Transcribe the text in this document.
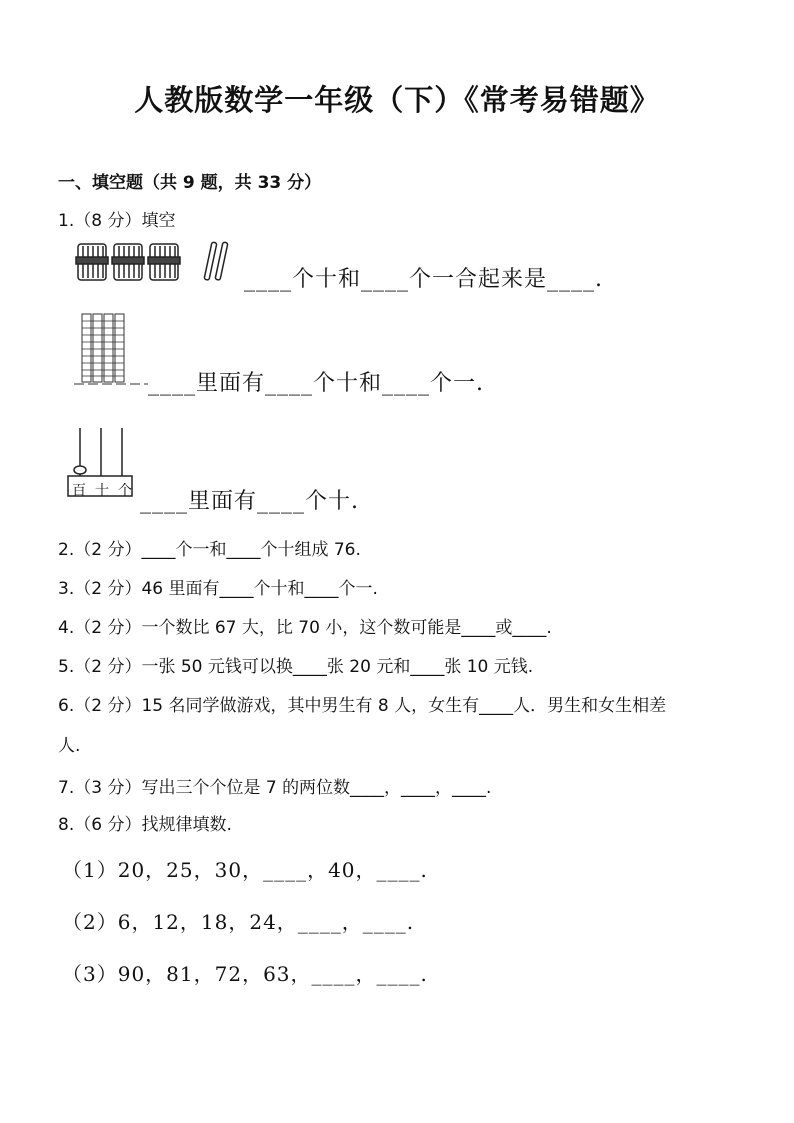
人教版数学一年级（下）《常考易错题》
一、填空题（共 9 题，共 33 分）
1.（8 分）填空
____个十和____个一合起来是____.
____里面有____个十和____个一.
百 十 个 ____里面有____个十.
2.（2 分）____个一和____个十组成 76.
3.（2 分）46 里面有____个十和____个一.
4.（2 分）一个数比 67 大，比 70 小，这个数可能是____或____.
5.（2 分）一张 50 元钱可以换____张 20 元和____张 10 元钱.
6.（2 分）15 名同学做游戏，其中男生有 8 人，女生有____人．男生和女生相差
人.
7.（3 分）写出三个个位是 7 的两位数____，____，____.
8.（6 分）找规律填数.
（1）20，25，30，____，40，____.
（2）6，12，18，24，____，____.
（3）90，81，72，63，____，____.
